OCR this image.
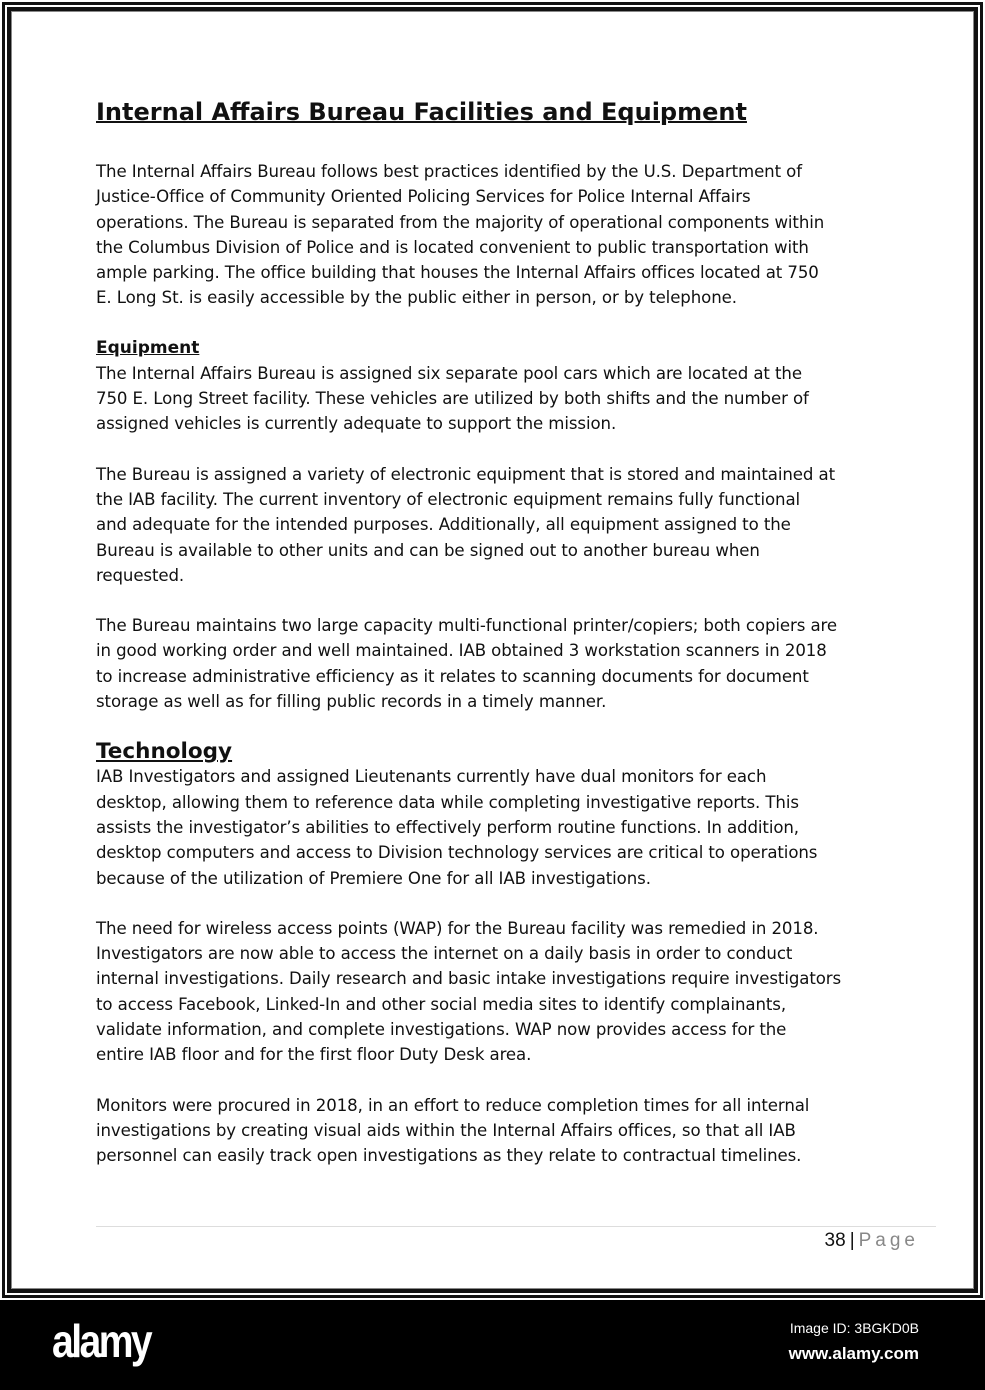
Internal Affairs Bureau Facilities and Equipment
The Internal Affairs Bureau follows best practices identified by the U.S. Department of
Justice-Office of Community Oriented Policing Services for Police Internal Affairs
operations. The Bureau is separated from the majority of operational components within
the Columbus Division of Police and is located convenient to public transportation with
ample parking. The office building that houses the Internal Affairs offices located at 750
E. Long St. is easily accessible by the public either in person, or by telephone.
Equipment
The Internal Affairs Bureau is assigned six separate pool cars which are located at the
750 E. Long Street facility. These vehicles are utilized by both shifts and the number of
assigned vehicles is currently adequate to support the mission.
The Bureau is assigned a variety of electronic equipment that is stored and maintained at
the IAB facility. The current inventory of electronic equipment remains fully functional
and adequate for the intended purposes. Additionally, all equipment assigned to the
Bureau is available to other units and can be signed out to another bureau when
requested.
The Bureau maintains two large capacity multi-functional printer/copiers; both copiers are
in good working order and well maintained. IAB obtained 3 workstation scanners in 2018
to increase administrative efficiency as it relates to scanning documents for document
storage as well as for filling public records in a timely manner.
Technology
IAB Investigators and assigned Lieutenants currently have dual monitors for each
desktop, allowing them to reference data while completing investigative reports. This
assists the investigator’s abilities to effectively perform routine functions. In addition,
desktop computers and access to Division technology services are critical to operations
because of the utilization of Premiere One for all IAB investigations.
The need for wireless access points (WAP) for the Bureau facility was remedied in 2018.
Investigators are now able to access the internet on a daily basis in order to conduct
internal investigations. Daily research and basic intake investigations require investigators
to access Facebook, Linked-In and other social media sites to identify complainants,
validate information, and complete investigations. WAP now provides access for the
entire IAB floor and for the first floor Duty Desk area.
Monitors were procured in 2018, in an effort to reduce completion times for all internal
investigations by creating visual aids within the Internal Affairs offices, so that all IAB
personnel can easily track open investigations as they relate to contractual timelines.
38 | Page
alamy	Image ID: 3BGKD0B
www.alamy.com
